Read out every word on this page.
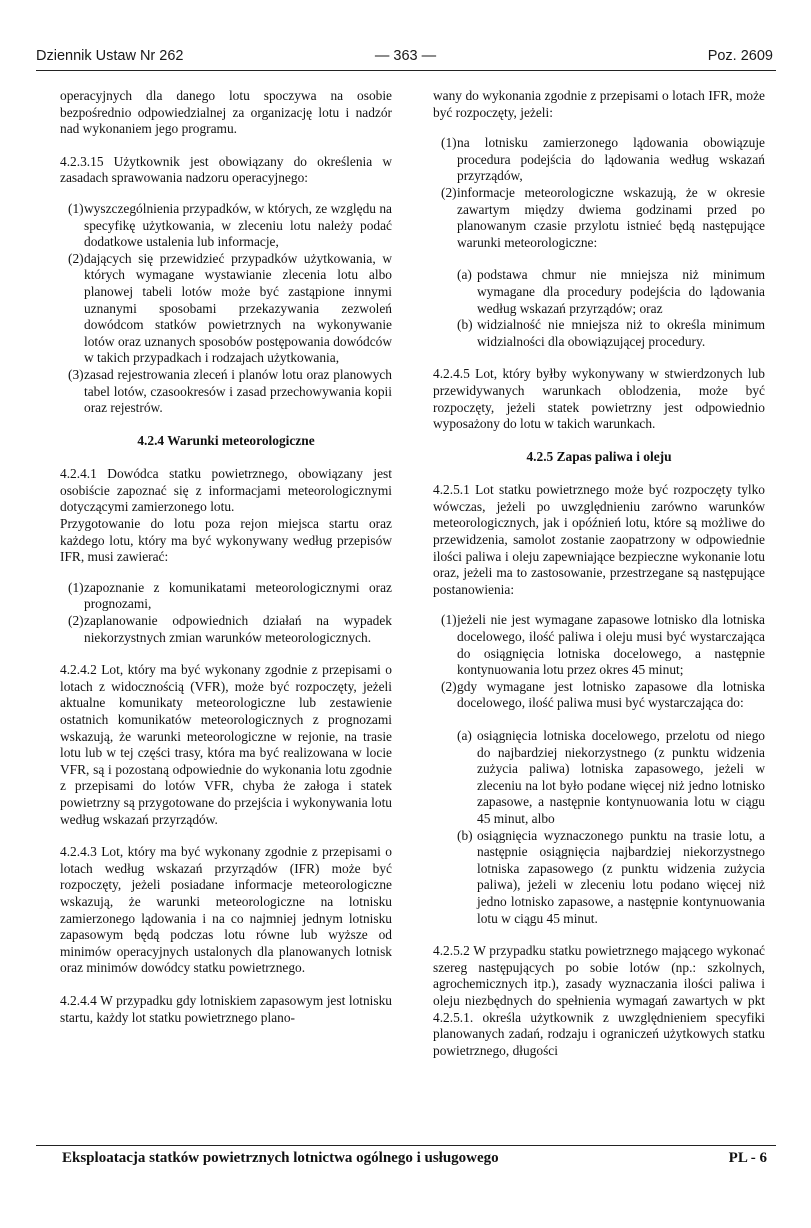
Dziennik Ustaw Nr 262	— 363 —	Poz. 2609

operacyjnych dla danego lotu spoczywa na osobie bezpośrednio odpowiedzialnej za organizację lotu i nadzór nad wykonaniem jego programu.

4.2.3.15 Użytkownik jest obowiązany do określenia w zasadach sprawowania nadzoru operacyjnego:

(1) wyszczególnienia przypadków, w których, ze względu na specyfikę użytkowania, w zleceniu lotu należy podać dodatkowe ustalenia lub informacje,

(2) dających się przewidzieć przypadków użytkowania, w których wymagane wystawianie zlecenia lotu albo planowej tabeli lotów może być zastąpione innymi uznanymi sposobami przekazywania zezwoleń dowódcom statków powietrznych na wykonywanie lotów oraz uznanych sposobów postępowania dowódców w takich przypadkach i rodzajach użytkowania,

(3) zasad rejestrowania zleceń i planów lotu oraz planowych tabel lotów, czasookresów i zasad przechowywania kopii oraz rejestrów.

4.2.4 Warunki meteorologiczne

4.2.4.1 Dowódca statku powietrznego, obowiązany jest osobiście zapoznać się z informacjami meteorologicznymi dotyczącymi zamierzonego lotu.

Przygotowanie do lotu poza rejon miejsca startu oraz każdego lotu, który ma być wykonywany według przepisów IFR, musi zawierać:

(1) zapoznanie z komunikatami meteorologicznymi oraz prognozami,

(2) zaplanowanie odpowiednich działań na wypadek niekorzystnych zmian warunków meteorologicznych.

4.2.4.2 Lot, który ma być wykonany zgodnie z przepisami o lotach z widocznością (VFR), może być rozpoczęty, jeżeli aktualne komunikaty meteorologiczne lub zestawienie ostatnich komunikatów meteorologicznych z prognozami wskazują, że warunki meteorologiczne w rejonie, na trasie lotu lub w tej części trasy, która ma być realizowana w locie VFR, są i pozostaną odpowiednie do wykonania lotu zgodnie z przepisami do lotów VFR, chyba że załoga i statek powietrzny są przygotowane do przejścia i wykonywania lotu według wskazań przyrządów.

4.2.4.3 Lot, który ma być wykonany zgodnie z przepisami o lotach według wskazań przyrządów (IFR) może być rozpoczęty, jeżeli posiadane informacje meteorologiczne wskazują, że warunki meteorologiczne na lotnisku zamierzonego lądowania i na co najmniej jednym lotnisku zapasowym będą podczas lotu równe lub wyższe od minimów operacyjnych ustalonych dla planowanych lotnisk oraz minimów dowódcy statku powietrznego.

4.2.4.4 W przypadku gdy lotniskiem zapasowym jest lotnisku startu, każdy lot statku powietrznego plano-

wany do wykonania zgodnie z przepisami o lotach IFR, może być rozpoczęty, jeżeli:

(1) na lotnisku zamierzonego lądowania obowiązuje procedura podejścia do lądowania według wskazań przyrządów,

(2) informacje meteorologiczne wskazują, że w okresie zawartym między dwiema godzinami przed po planowanym czasie przylotu istnieć będą następujące warunki meteorologiczne:

(a) podstawa chmur nie mniejsza niż minimum wymagane dla procedury podejścia do lądowania według wskazań przyrządów; oraz

(b) widzialność nie mniejsza niż to określa minimum widzialności dla obowiązującej procedury.

4.2.4.5 Lot, który byłby wykonywany w stwierdzonych lub przewidywanych warunkach oblodzenia, może być rozpoczęty, jeżeli statek powietrzny jest odpowiednio wyposażony do lotu w takich warunkach.

4.2.5 Zapas paliwa i oleju

4.2.5.1 Lot statku powietrznego może być rozpoczęty tylko wówczas, jeżeli po uwzględnieniu zarówno warunków meteorologicznych, jak i opóźnień lotu, które są możliwe do przewidzenia, samolot zostanie zaopatrzony w odpowiednie ilości paliwa i oleju zapewniające bezpieczne wykonanie lotu oraz, jeżeli ma to zastosowanie, przestrzegane są następujące postanowienia:

(1) jeżeli nie jest wymagane zapasowe lotnisko dla lotniska docelowego, ilość paliwa i oleju musi być wystarczająca do osiągnięcia lotniska docelowego, a następnie kontynuowania lotu przez okres 45 minut;

(2) gdy wymagane jest lotnisko zapasowe dla lotniska docelowego, ilość paliwa musi być wystarczająca do:

(a) osiągnięcia lotniska docelowego, przelotu od niego do najbardziej niekorzystnego (z punktu widzenia zużycia paliwa) lotniska zapasowego, jeżeli w zleceniu na lot było podane więcej niż jedno lotnisko zapasowe, a następnie kontynuowania lotu w ciągu 45 minut, albo

(b) osiągnięcia wyznaczonego punktu na trasie lotu, a następnie osiągnięcia najbardziej niekorzystnego lotniska zapasowego (z punktu widzenia zużycia paliwa), jeżeli w zleceniu lotu podano więcej niż jedno lotnisko zapasowe, a następnie kontynuowania lotu w ciągu 45 minut.

4.2.5.2 W przypadku statku powietrznego mającego wykonać szereg następujących po sobie lotów (np.: szkolnych, agrochemicznych itp.), zasady wyznaczania ilości paliwa i oleju niezbędnych do spełnienia wymagań zawartych w pkt 4.2.5.1. określa użytkownik z uwzględnieniem specyfiki planowanych zadań, rodzaju i ograniczeń użytkowych statku powietrznego, długości

Eksploatacja statków powietrznych lotnictwa ogólnego i usługowego	PL - 6
